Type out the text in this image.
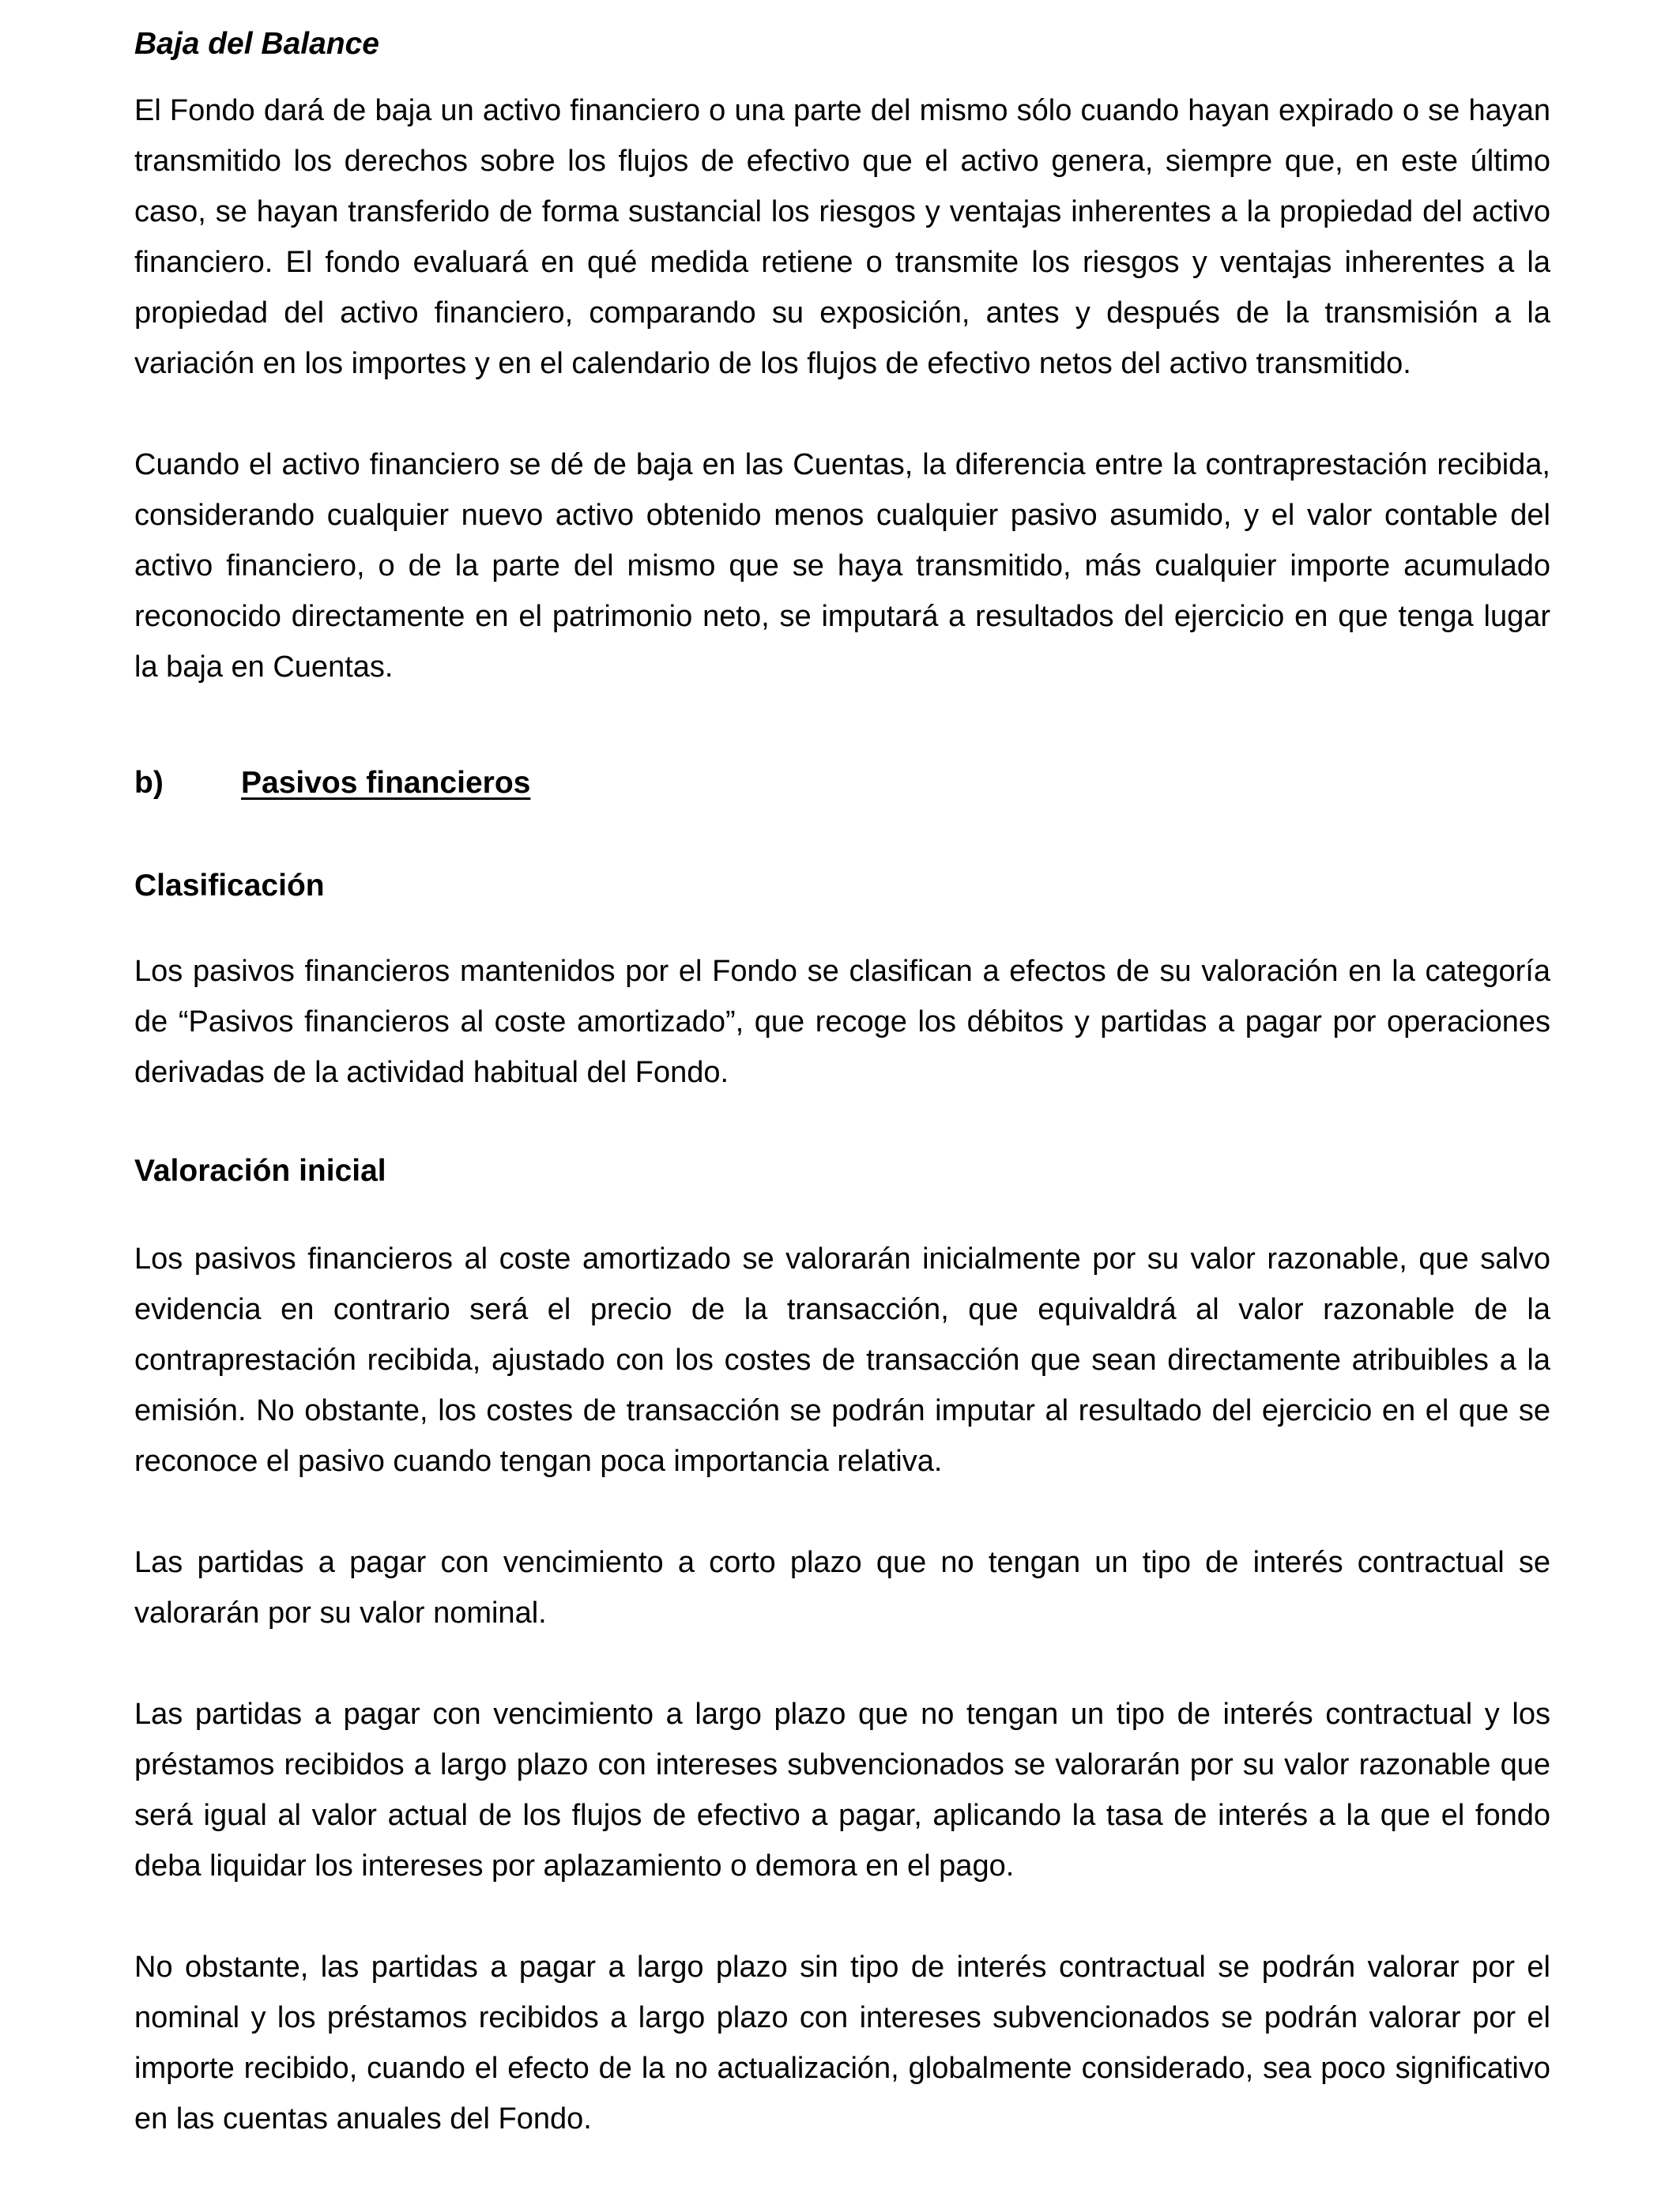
Baja del Balance

El Fondo dará de baja un activo financiero o una parte del mismo sólo cuando hayan expirado o se hayan transmitido los derechos sobre los flujos de efectivo que el activo genera, siempre que, en este último caso, se hayan transferido de forma sustancial los riesgos y ventajas inherentes a la propiedad del activo financiero. El fondo evaluará en qué medida retiene o transmite los riesgos y ventajas inherentes a la propiedad del activo financiero, comparando su exposición, antes y después de la transmisión a la variación en los importes y en el calendario de los flujos de efectivo netos del activo transmitido.

Cuando el activo financiero se dé de baja en las Cuentas, la diferencia entre la contraprestación recibida, considerando cualquier nuevo activo obtenido menos cualquier pasivo asumido, y el valor contable del activo financiero, o de la parte del mismo que se haya transmitido, más cualquier importe acumulado reconocido directamente en el patrimonio neto, se imputará a resultados del ejercicio en que tenga lugar la baja en Cuentas.

b)	Pasivos financieros
Clasificación

Los pasivos financieros mantenidos por el Fondo se clasifican a efectos de su valoración en la categoría de “Pasivos financieros al coste amortizado”, que recoge los débitos y partidas a pagar por operaciones derivadas de la actividad habitual del Fondo.

Valoración inicial

Los pasivos financieros al coste amortizado se valorarán inicialmente por su valor razonable, que salvo evidencia en contrario será el precio de la transacción, que equivaldrá al valor razonable de la contraprestación recibida, ajustado con los costes de transacción que sean directamente atribuibles a la emisión. No obstante, los costes de transacción se podrán imputar al resultado del ejercicio en el que se reconoce el pasivo cuando tengan poca importancia relativa.

Las partidas a pagar con vencimiento a corto plazo que no tengan un tipo de interés contractual se valorarán por su valor nominal.

Las partidas a pagar con vencimiento a largo plazo que no tengan un tipo de interés contractual y los préstamos recibidos a largo plazo con intereses subvencionados se valorarán por su valor razonable que será igual al valor actual de los flujos de efectivo a pagar, aplicando la tasa de interés a la que el fondo deba liquidar los intereses por aplazamiento o demora en el pago.

No obstante, las partidas a pagar a largo plazo sin tipo de interés contractual se podrán valorar por el nominal y los préstamos recibidos a largo plazo con intereses subvencionados se podrán valorar por el importe recibido, cuando el efecto de la no actualización, globalmente considerado, sea poco significativo en las cuentas anuales del Fondo.
